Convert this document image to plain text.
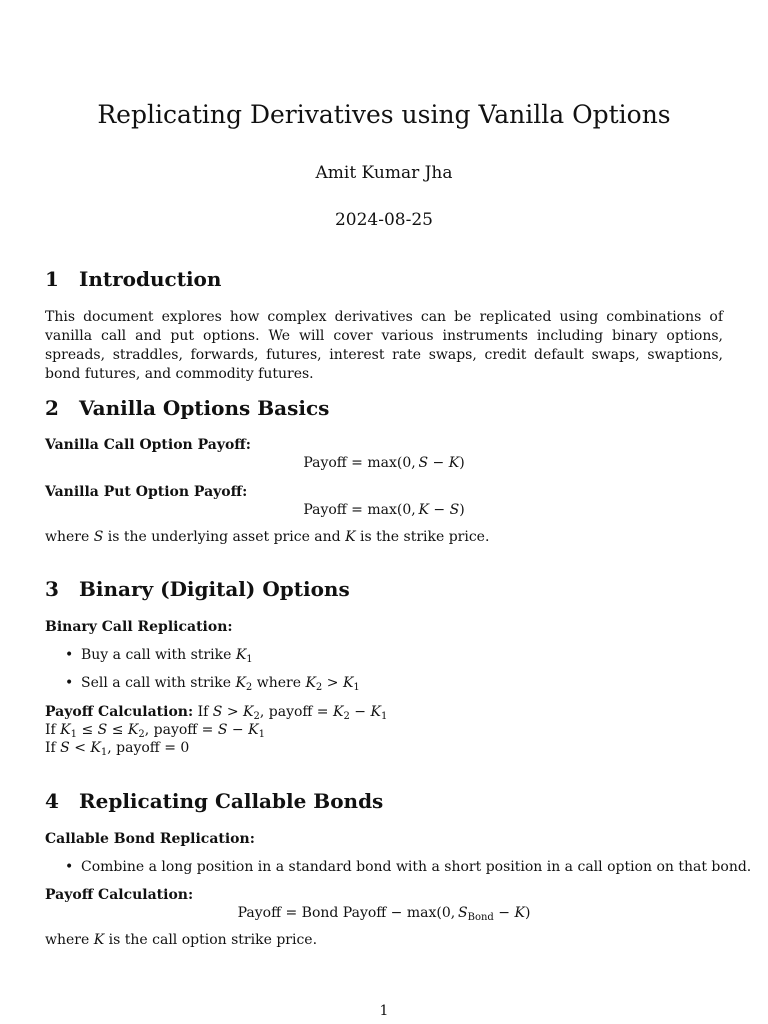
Replicating Derivatives using Vanilla Options
Amit Kumar Jha
2024-08-25
1 Introduction
This document explores how complex derivatives can be replicated using combinations of vanilla call and put options. We will cover various instruments including binary options, spreads, straddles, forwards, futures, interest rate swaps, credit default swaps, swaptions, bond futures, and commodity futures.
2 Vanilla Options Basics
Vanilla Call Option Payoff:
Payoff = max(0, S − K)
Vanilla Put Option Payoff:
Payoff = max(0, K − S)
where S is the underlying asset price and K is the strike price.
3 Binary (Digital) Options
Binary Call Replication:
• Buy a call with strike $K_1$
• Sell a call with strike $K_2$ where $K_2 > K_1$
Payoff Calculation: If $S > K_2$, payoff = $K_2 - K_1$
If $K_1 \le S \le K_2$, payoff = $S - K_1$
If $S < K_1$, payoff = 0
4 Replicating Callable Bonds
Callable Bond Replication:
• Combine a long position in a standard bond with a short position in a call option on that bond.
Payoff Calculation:
Payoff = Bond Payoff − max(0, $S_{Bond} - K$)
where K is the call option strike price.
1
